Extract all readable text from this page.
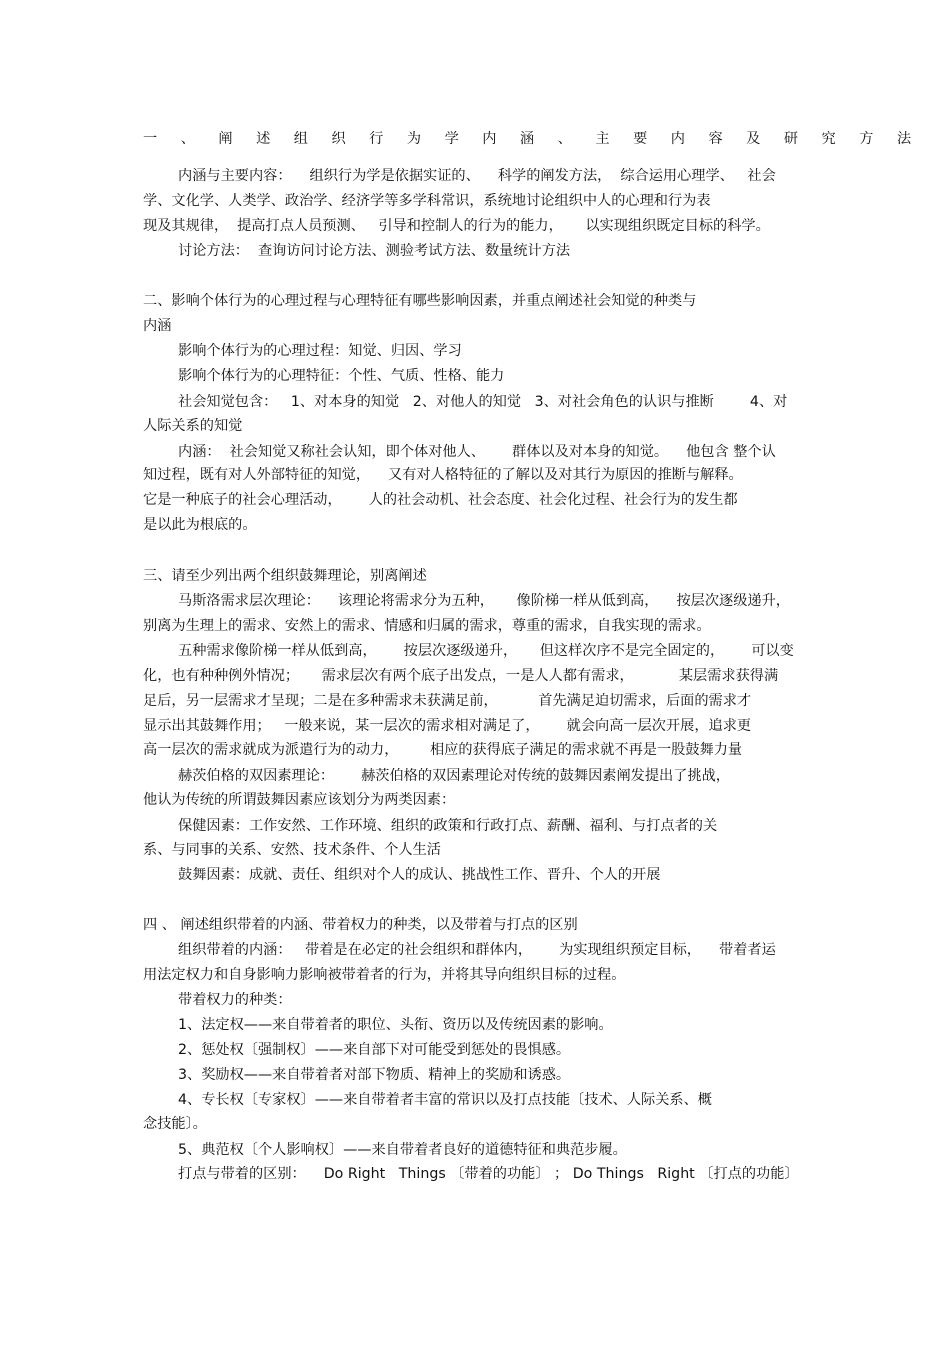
一 、 阐 述 组 织 行 为 学 内 涵 、 主 要 内 容 及 研 究 方 法
内涵与主要内容：    组织行为学是依据实证的、    科学的阐发方法，  综合运用心理学、   社会
学、文化学、人类学、政治学、经济学等多学科常识，系统地讨论组织中人的心理和行为表
现及其规律，  提高打点人员预测、   引导和控制人的行为的能力，     以实现组织既定目标的科学。
讨论方法：  查询访问讨论方法、测验考试方法、数量统计方法
二、影响个体行为的心理过程与心理特征有哪些影响因素，并重点阐述社会知觉的种类与
内涵
影响个体行为的心理过程：知觉、归因、学习
影响个体行为的心理特征：个性、气质、性格、能力
社会知觉包含：   1、对本身的知觉   2、对他人的知觉   3、对社会角色的认识与推断        4、对
人际关系的知觉
内涵：  社会知觉又称社会认知，即个体对他人、      群体以及对本身的知觉。    他包含 整个认
知过程，既有对人外部特征的知觉，    又有对人格特征的了解以及对其行为原因的推断与解释。
它是一种底子的社会心理活动，      人的社会动机、社会态度、社会化过程、社会行为的发生都
是以此为根底的。
三、请至少列出两个组织鼓舞理论，别离阐述
马斯洛需求层次理论：    该理论将需求分为五种，     像阶梯一样从低到高，    按层次逐级递升，
别离为生理上的需求、安然上的需求、情感和归属的需求，尊重的需求，自我实现的需求。
五种需求像阶梯一样从低到高，      按层次逐级递升，     但这样次序不是完全固定的，      可以变
化，也有种种例外情况；     需求层次有两个底子出发点，一是人人都有需求，          某层需求获得满
足后，另一层需求才呈现；二是在多种需求未获满足前，         首先满足迫切需求，后面的需求才
显示出其鼓舞作用；   一般来说，某一层次的需求相对满足了，      就会向高一层次开展，追求更
高一层次的需求就成为派遣行为的动力，       相应的获得底子满足的需求就不再是一股鼓舞力量
赫茨伯格的双因素理论：      赫茨伯格的双因素理论对传统的鼓舞因素阐发提出了挑战，
他认为传统的所谓鼓舞因素应该划分为两类因素：
保健因素：工作安然、工作环境、组织的政策和行政打点、薪酬、福利、与打点者的关
系、与同事的关系、安然、技术条件、个人生活
鼓舞因素：成就、责任、组织对个人的成认、挑战性工作、晋升、个人的开展
四 、 阐述组织带着的内涵、带着权力的种类，以及带着与打点的区别
组织带着的内涵：   带着是在必定的社会组织和群体内，      为实现组织预定目标，    带着者运
用法定权力和自身影响力影响被带着者的行为，并将其导向组织目标的过程。
带着权力的种类：
1、法定权——来自带着者的职位、头衔、资历以及传统因素的影响。
2、惩处权〔强制权〕——来自部下对可能受到惩处的畏惧感。
3、奖励权——来自带着者对部下物质、精神上的奖励和诱惑。
4、专长权〔专家权〕——来自带着者丰富的常识以及打点技能〔技术、人际关系、概
念技能〕。
5、典范权〔个人影响权〕——来自带着者良好的道德特征和典范步履。
打点与带着的区别：    Do Right   Things 〔带着的功能〕 ； Do Things   Right 〔打点的功能〕
